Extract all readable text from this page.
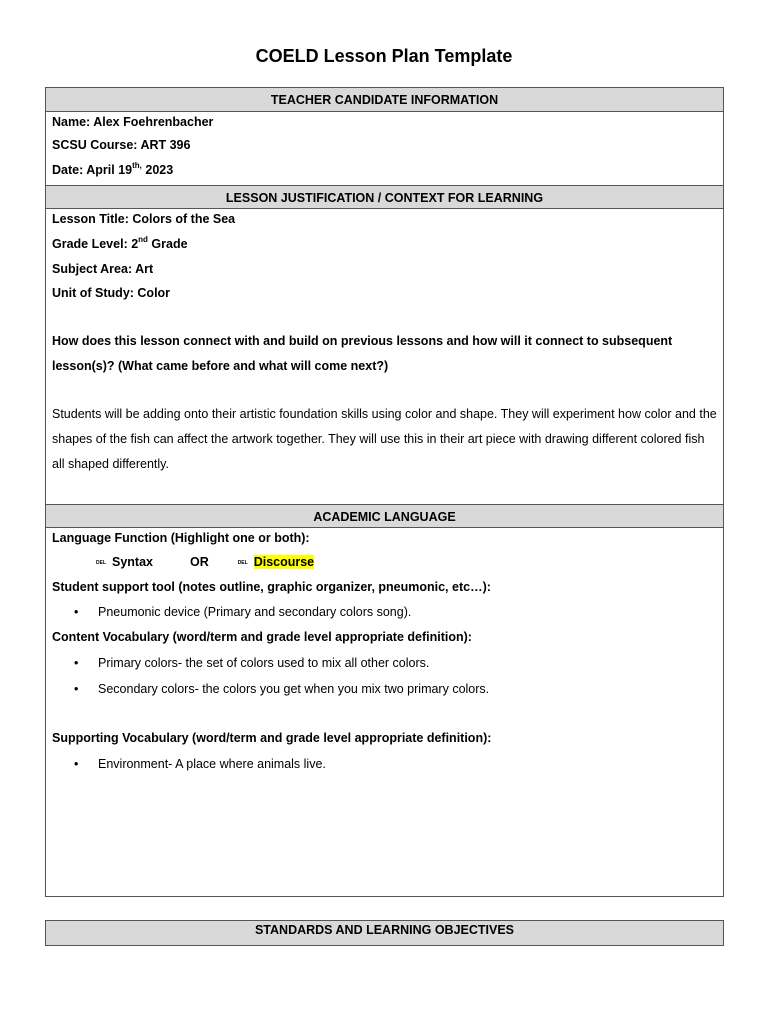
COELD Lesson Plan Template
TEACHER CANDIDATE INFORMATION
Name: Alex Foehrenbacher
SCSU Course: ART 396
Date: April $19^{th,}$ 2023
LESSON JUSTIFICATION / CONTEXT FOR LEARNING
Lesson Title: Colors of the Sea
Grade Level: 2nd Grade
Subject Area: Art
Unit of Study: Color
How does this lesson connect with and build on previous lessons and how will it connect to subsequent lesson(s)? (What came before and what will come next?)
Students will be adding onto their artistic foundation skills using color and shape. They will experiment how color and the shapes of the fish can affect the artwork together. They will use this in their art piece with drawing different colored fish all shaped differently.
ACADEMIC LANGUAGE
Language Function (Highlight one or both):
DEL Syntax	OR	DEL Discourse
Student support tool (notes outline, graphic organizer, pneumonic, etc…):
• Pneumonic device (Primary and secondary colors song).
Content Vocabulary (word/term and grade level appropriate definition):
• Primary colors- the set of colors used to mix all other colors.
• Secondary colors- the colors you get when you mix two primary colors.
Supporting Vocabulary (word/term and grade level appropriate definition):
• Environment- A place where animals live.
STANDARDS AND LEARNING OBJECTIVES
